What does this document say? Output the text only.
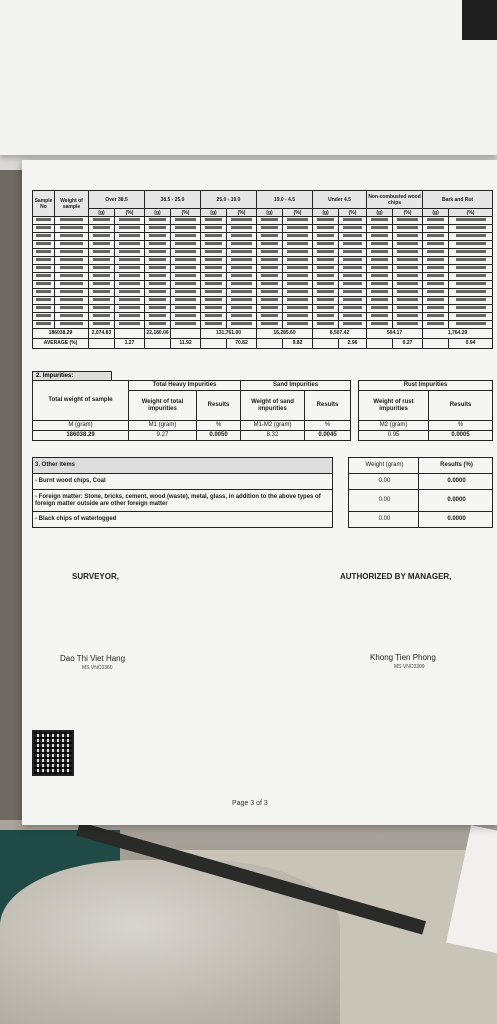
Sample No	Weight of sample	Over 38.5		38.5 - 25.0		25.0 - 19.0		19.0 - 4.5		Under 4.5		Non-combusted wood chips		Bark and Rot	
		(g)	(%)	(g)	(%)	(g)	(%)	(g)	(%)	(g)	(%)	(g)	(%)	(g)	(%)

186038.29		2,074.83		22,180.06		131,761.00		16,285.60		8,507.42		504.17		1,764.29	
AVERAGE (%)			1.27		11.92		70.82		9.82		2.96		0.27		0.94
2. Impurities:
Total weight of sample	Total Heavy Impurities		Sand Impurities			Rust Impurities	
	Weight of total impurities	Results	Weight of sand impurities	Results		Weight of rust impurities	Results
M (gram)	M1 (gram)	%	M1-M2 (gram)	%		M2 (gram)	%
186038.29	9.27	0.0050	8.32	0.0045		0.95	0.0005
3. Other items		Weight (gram)	Results (%)
- Burnt wood chips, Coal		0.00	0.0000
- Foreign matter: Stone, bricks, cement, wood (waste), metal, glass, in addition to the above types of foreign matter outside are other foreign matter		0.00	0.0000
- Black chips of waterlogged		0.00	0.0000
SURVEYOR,	AUTHORIZED BY MANAGER,
Dao Thi Viet Hang
MS VNC0360
Khong Tien Phong
MS VNC0309
Page 3 of 3
